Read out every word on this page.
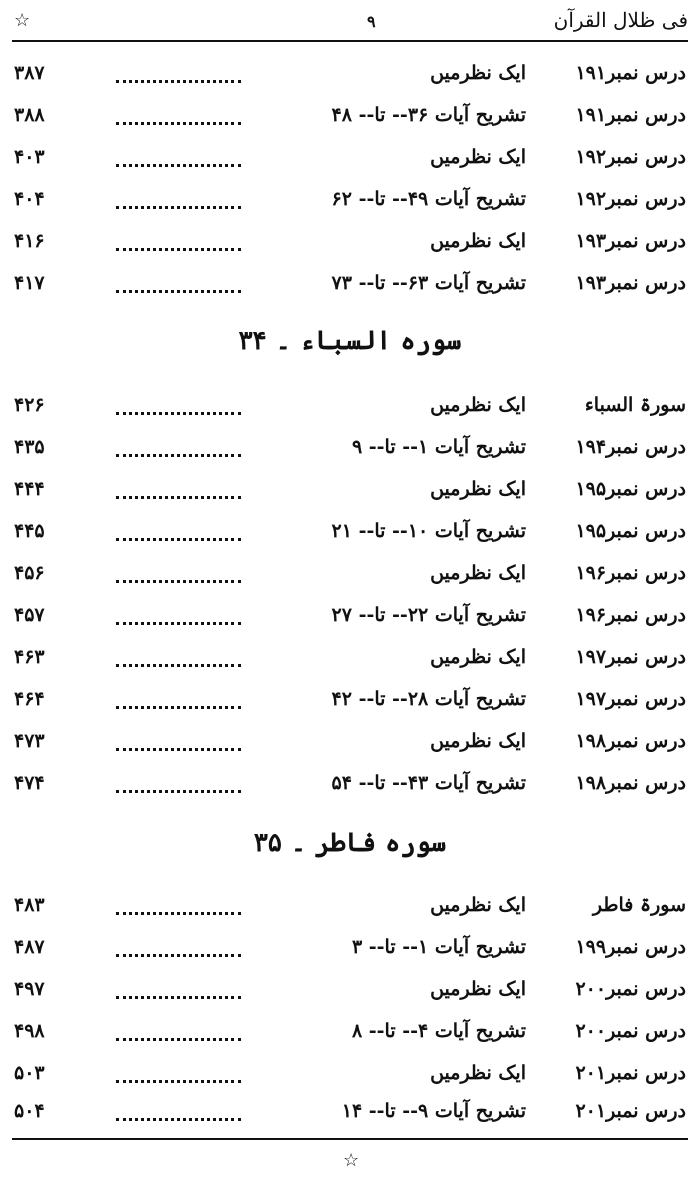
☆	۹	فی ظلال القرآن
درس نمبر۱۹۱
ایک نظرمیں
۳۸۷
درس نمبر۱۹۱
تشریح آیات ۳۶-- تا-- ۴۸
۳۸۸
درس نمبر۱۹۲
ایک نظرمیں
۴۰۳
درس نمبر۱۹۲
تشریح آیات ۴۹-- تا-- ۶۲
۴۰۴
درس نمبر۱۹۳
ایک نظرمیں
۴۱۶
درس نمبر۱۹۳
تشریح آیات ۶۳-- تا-- ۷۳
۴۱۷
سورہ السباء ۔ ۳۴
سورۃ السباء
ایک نظرمیں
۴۲۶
درس نمبر۱۹۴
تشریح آیات ۱-- تا-- ۹
۴۳۵
درس نمبر۱۹۵
ایک نظرمیں
۴۴۴
درس نمبر۱۹۵
تشریح آیات ۱۰-- تا-- ۲۱
۴۴۵
درس نمبر۱۹۶
ایک نظرمیں
۴۵۶
درس نمبر۱۹۶
تشریح آیات ۲۲-- تا-- ۲۷
۴۵۷
درس نمبر۱۹۷
ایک نظرمیں
۴۶۳
درس نمبر۱۹۷
تشریح آیات ۲۸-- تا-- ۴۲
۴۶۴
درس نمبر۱۹۸
ایک نظرمیں
۴۷۳
درس نمبر۱۹۸
تشریح آیات ۴۳-- تا-- ۵۴
۴۷۴
سورہ فاطر ۔ ۳۵
سورۃ فاطر
ایک نظرمیں
۴۸۳
درس نمبر۱۹۹
تشریح آیات ۱-- تا-- ۳
۴۸۷
درس نمبر۲۰۰
ایک نظرمیں
۴۹۷
درس نمبر۲۰۰
تشریح آیات ۴-- تا-- ۸
۴۹۸
درس نمبر۲۰۱
ایک نظرمیں
۵۰۳
درس نمبر۲۰۱
تشریح آیات ۹-- تا-- ۱۴
۵۰۴
☆
